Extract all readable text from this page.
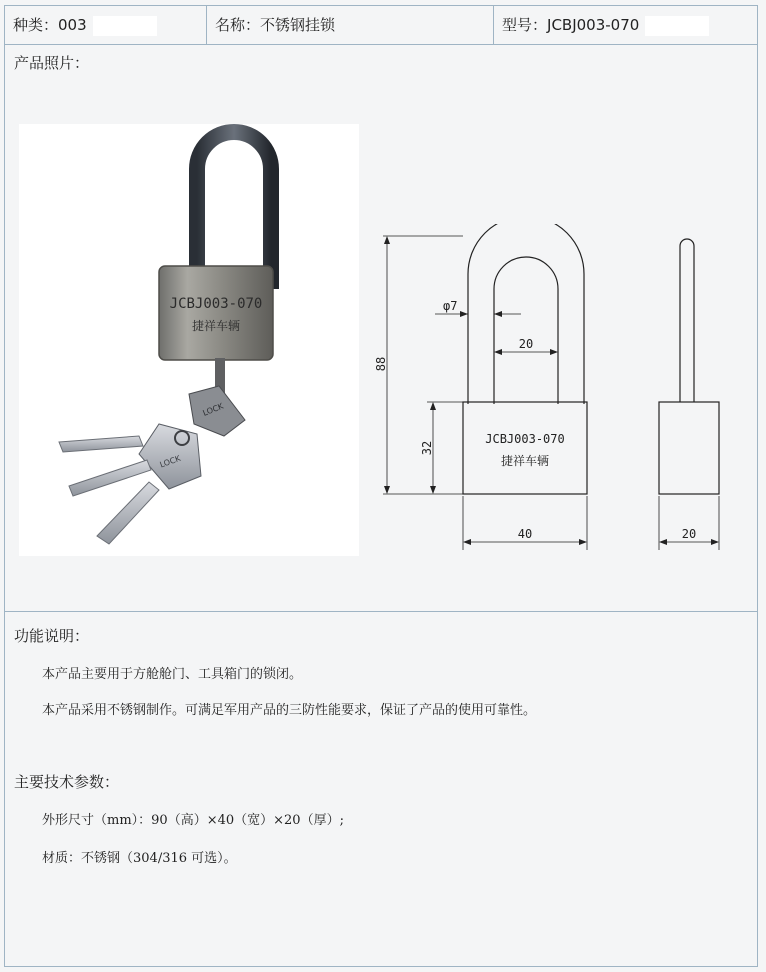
种类：003	名称：不锈钢挂锁	型号：JCBJ003-070
产品照片：
JCBJ003-070
捷祥车辆
LOCK
LOCK
88
32
40	20
20
φ7
JCBJ003-070
捷祥车辆
功能说明：
本产品主要用于方舱舱门、工具箱门的锁闭。
本产品采用不锈钢制作。可满足军用产品的三防性能要求，保证了产品的使用可靠性。
主要技术参数：
外形尺寸（mm）：90（高）×40（宽）×20（厚）;
材质：不锈钢（304/316 可选）。
